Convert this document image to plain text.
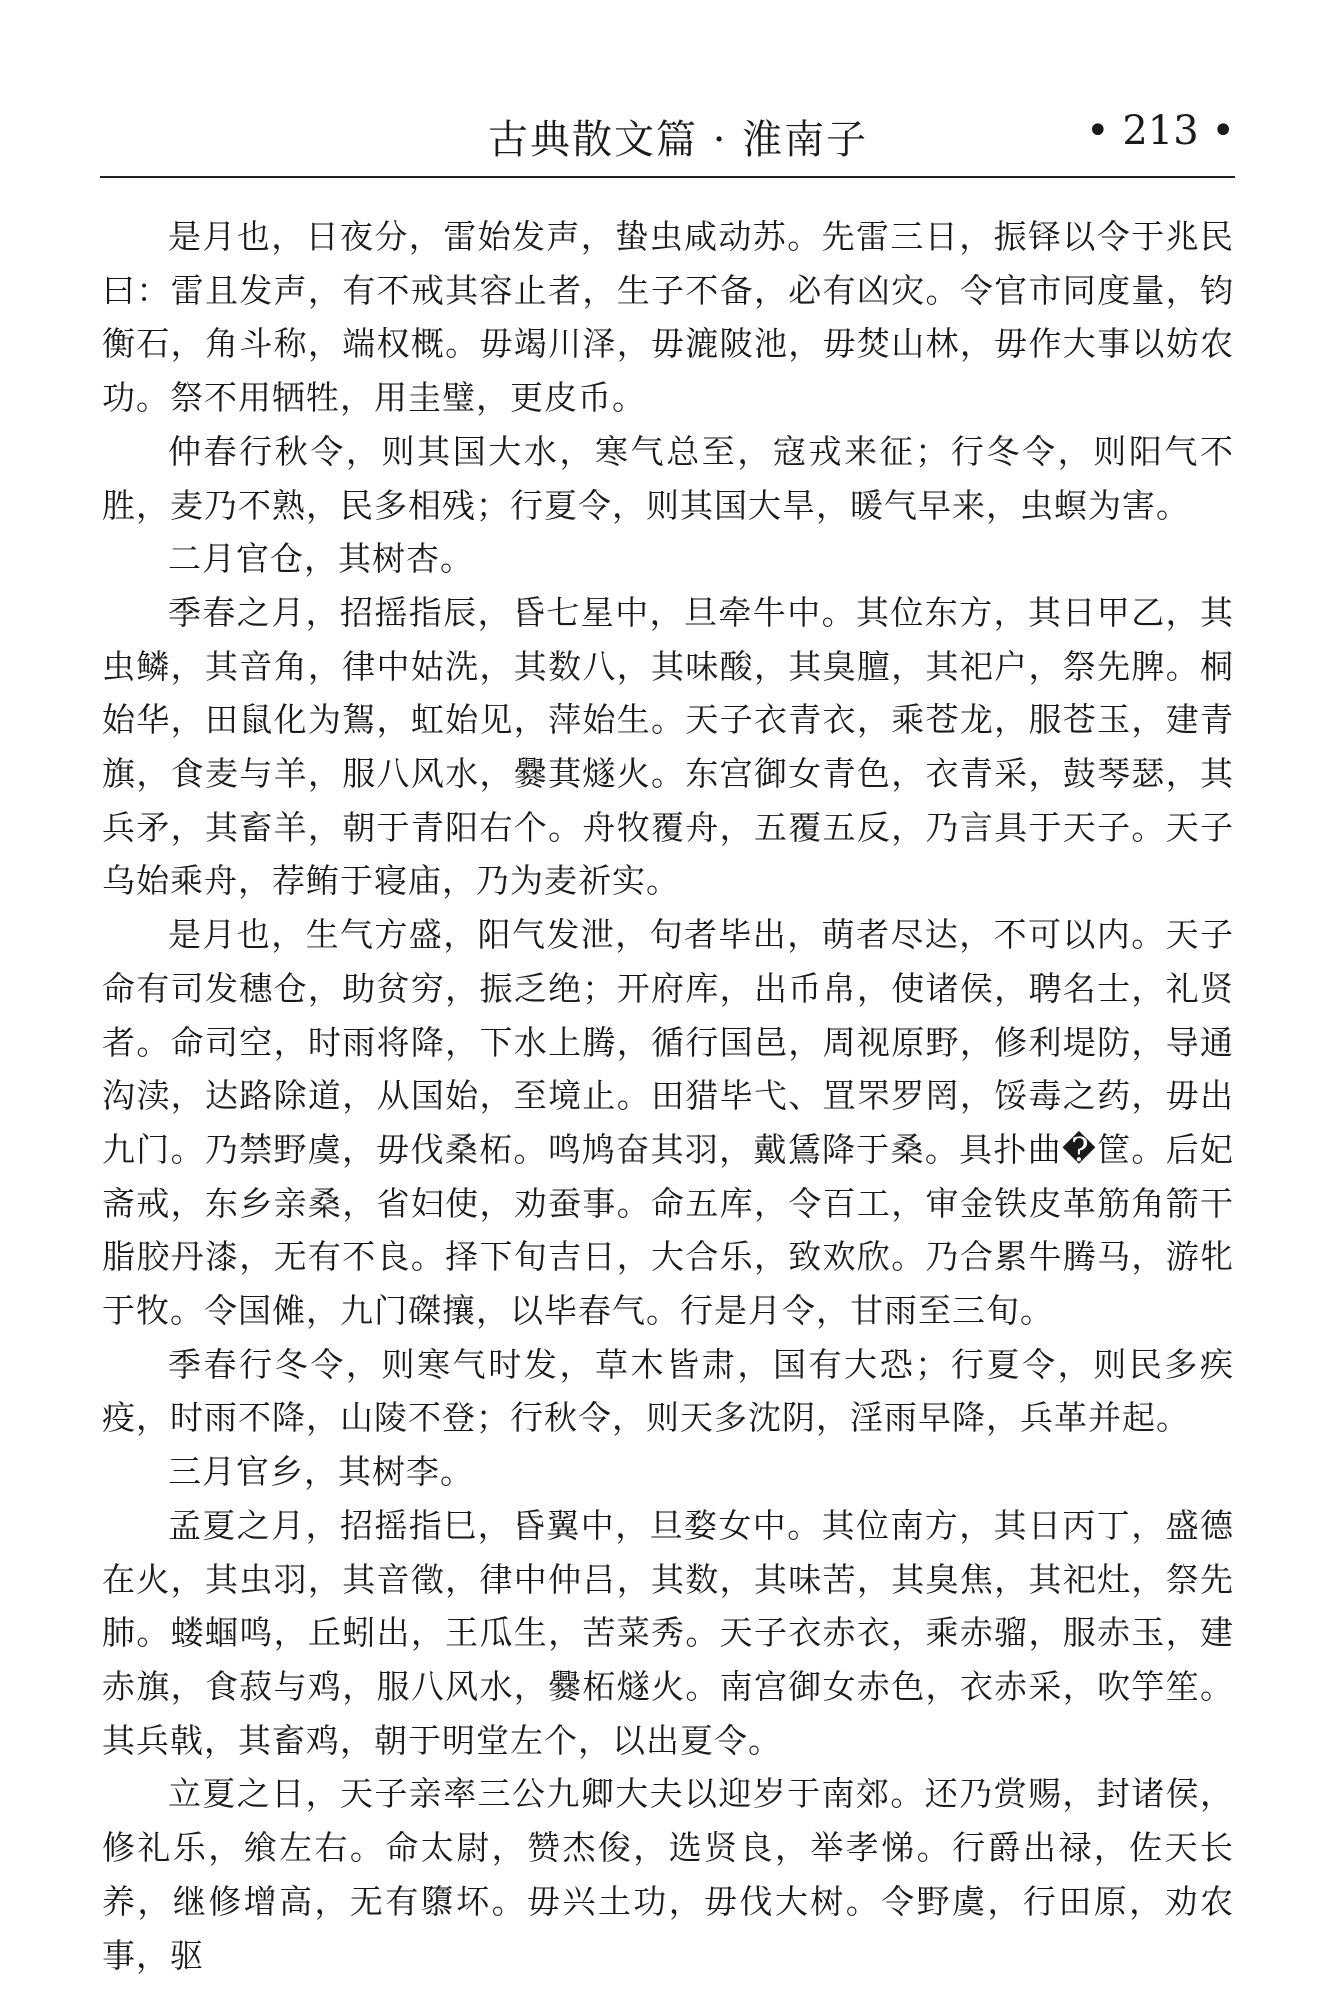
古典散文篇 · 淮南子	• 213 •

是月也，日夜分，雷始发声，蛰虫咸动苏。先雷三日，振铎以令于兆民曰：雷且发声，有不戒其容止者，生子不备，必有凶灾。令官市同度量，钧衡石，角斗称，端权概。毋竭川泽，毋漉陂池，毋焚山林，毋作大事以妨农功。祭不用牺牲，用圭璧，更皮币。

仲春行秋令，则其国大水，寒气总至，寇戎来征；行冬令，则阳气不胜，麦乃不熟，民多相残；行夏令，则其国大旱，暖气早来，虫螟为害。

二月官仓，其树杏。

季春之月，招摇指辰，昏七星中，旦牵牛中。其位东方，其日甲乙，其虫鳞，其音角，律中姑洗，其数八，其味酸，其臭膻，其祀户，祭先脾。桐始华，田鼠化为鴽，虹始见，萍始生。天子衣青衣，乘苍龙，服苍玉，建青旗，食麦与羊，服八风水，爨萁燧火。东宫御女青色，衣青采，鼓琴瑟，其兵矛，其畜羊，朝于青阳右个。舟牧覆舟，五覆五反，乃言具于天子。天子乌始乘舟，荐鲔于寝庙，乃为麦祈实。

是月也，生气方盛，阳气发泄，句者毕出，萌者尽达，不可以内。天子命有司发穗仓，助贫穷，振乏绝；开府库，出币帛，使诸侯，聘名士，礼贤者。命司空，时雨将降，下水上腾，循行国邑，周视原野，修利堤防，导通沟渎，达路除道，从国始，至境止。田猎毕弋、罝罘罗罔，馁毒之药，毋出九门。乃禁野虞，毋伐桑柘。鸣鸠奋其羽，戴鵀降于桑。具扑曲�筐。后妃斋戒，东乡亲桑，省妇使，劝蚕事。命五库，令百工，审金铁皮革筋角箭干脂胶丹漆，无有不良。择下旬吉日，大合乐，致欢欣。乃合累牛腾马，游牝于牧。令国傩，九门磔攘，以毕春气。行是月令，甘雨至三旬。

季春行冬令，则寒气时发，草木皆肃，国有大恐；行夏令，则民多疾疫，时雨不降，山陵不登；行秋令，则天多沈阴，淫雨早降，兵革并起。

三月官乡，其树李。

孟夏之月，招摇指巳，昏翼中，旦婺女中。其位南方，其日丙丁，盛德在火，其虫羽，其音徵，律中仲吕，其数，其味苦，其臭焦，其祀灶，祭先肺。蝼蝈鸣，丘蚓出，王瓜生，苦菜秀。天子衣赤衣，乘赤骝，服赤玉，建赤旗，食菽与鸡，服八风水，爨柘燧火。南宫御女赤色，衣赤采，吹竽笙。其兵戟，其畜鸡，朝于明堂左个，以出夏令。

立夏之日，天子亲率三公九卿大夫以迎岁于南郊。还乃赏赐，封诸侯，修礼乐，飨左右。命太尉，赞杰俊，选贤良，举孝悌。行爵出禄，佐天长养，继修增高，无有隳坏。毋兴土功，毋伐大树。令野虞，行田原，劝农事，驱
